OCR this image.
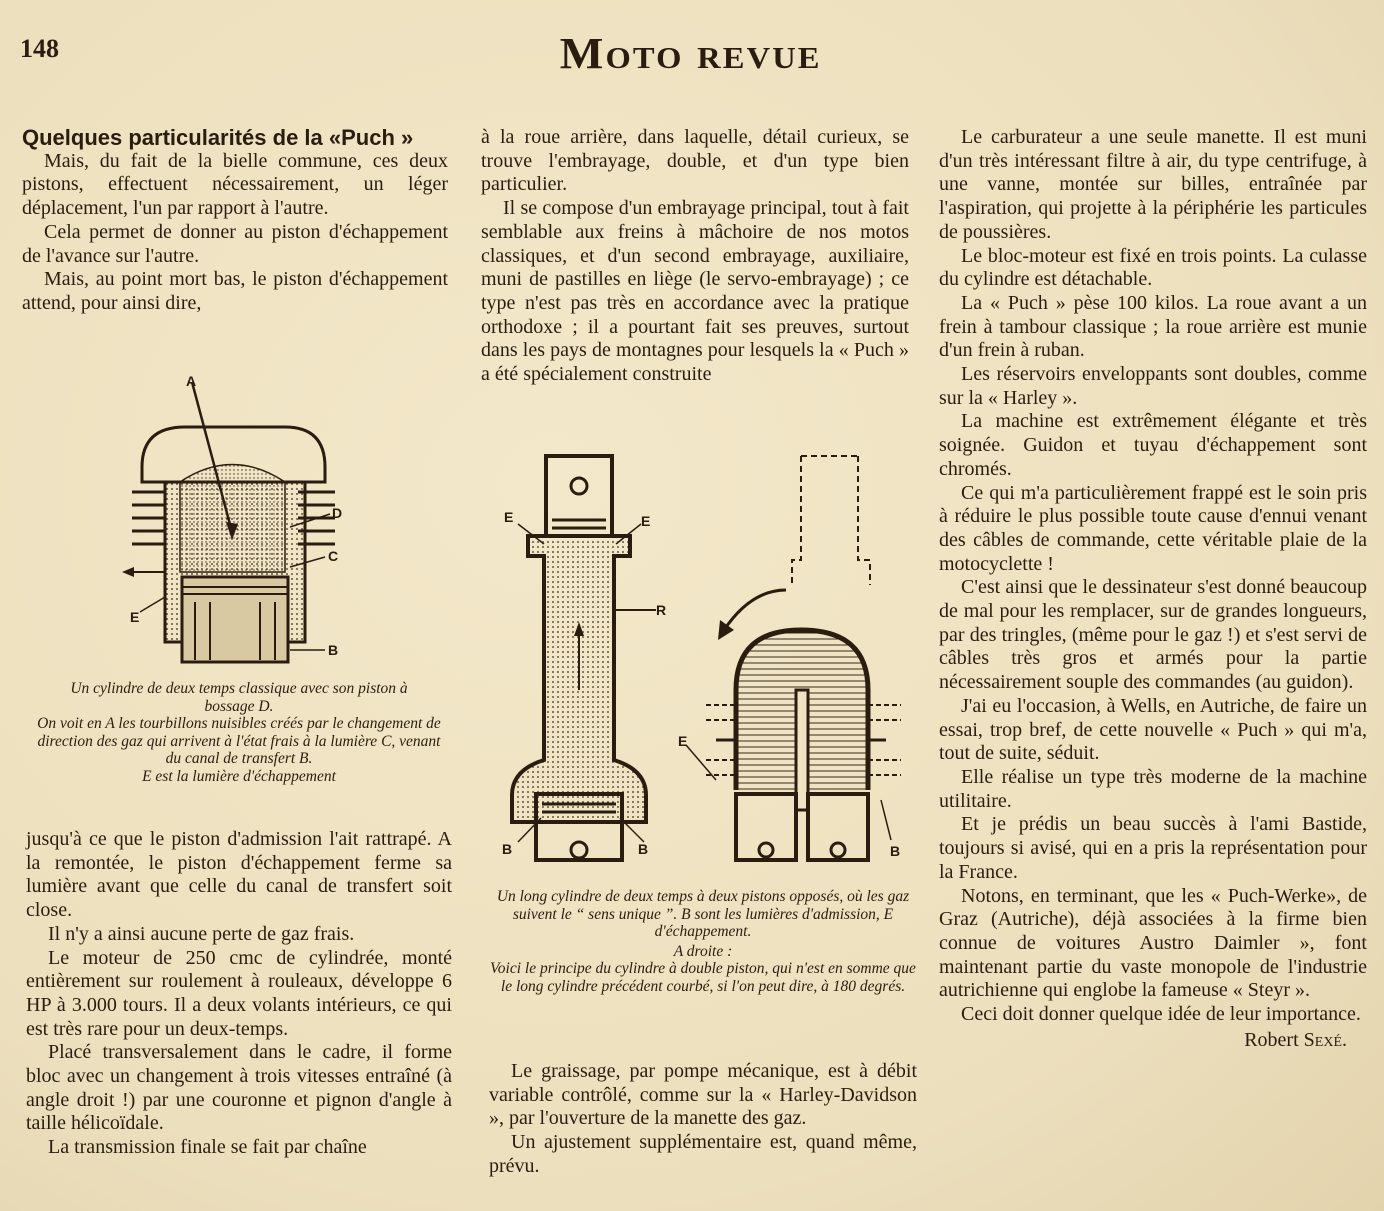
148	Moto revue

Quelques particularités de la «Puch »

Mais, du fait de la bielle commune, ces deux pistons, effectuent nécessairement, un léger déplacement, l'un par rapport à l'autre.

Cela permet de donner au piston d'échappement de l'avance sur l'autre.

Mais, au point mort bas, le piston d'échappement attend, pour ainsi dire,

A
D
C
E
B
Un cylindre de deux temps classique avec son piston à bossage D.
On voit en A les tourbillons nuisibles créés par le changement de direction des gaz qui arrivent à l'état frais à la lumière C, venant du canal de transfert B.
E est la lumière d'échappement

jusqu'à ce que le piston d'admission l'ait rattrapé. A la remontée, le piston d'échappement ferme sa lumière avant que celle du canal de transfert soit close.

Il n'y a ainsi aucune perte de gaz frais.

Le moteur de 250 cmc de cylindrée, monté entièrement sur roulement à rouleaux, développe 6 HP à 3.000 tours. Il a deux volants intérieurs, ce qui est très rare pour un deux-temps.

Placé transversalement dans le cadre, il forme bloc avec un changement à trois vitesses entraîné (à angle droit !) par une couronne et pignon d'angle à taille hélicoïdale.

La transmission finale se fait par chaîne

à la roue arrière, dans laquelle, détail curieux, se trouve l'embrayage, double, et d'un type bien particulier.

Il se compose d'un embrayage principal, tout à fait semblable aux freins à mâchoire de nos motos classiques, et d'un second embrayage, auxiliaire, muni de pastilles en liège (le servo-embrayage) ; ce type n'est pas très en accordance avec la pratique orthodoxe ; il a pourtant fait ses preuves, surtout dans les pays de montagnes pour lesquels la « Puch » a été spécialement construite

E	E
R
E
B	B	B
Un long cylindre de deux temps à deux pistons opposés, où les gaz suivent le “ sens unique ”. B sont les lumières d'admission, E d'échappement.
A droite :
Voici le principe du cylindre à double piston, qui n'est en somme que le long cylindre précédent courbé, si l'on peut dire, à 180 degrés.

Le graissage, par pompe mécanique, est à débit variable contrôlé, comme sur la « Harley-Davidson », par l'ouverture de la manette des gaz.

Un ajustement supplémentaire est, quand même, prévu.

Le carburateur a une seule manette. Il est muni d'un très intéressant filtre à air, du type centrifuge, à une vanne, montée sur billes, entraînée par l'aspiration, qui projette à la périphérie les particules de poussières.

Le bloc-moteur est fixé en trois points. La culasse du cylindre est détachable.

La « Puch » pèse 100 kilos. La roue avant a un frein à tambour classique ; la roue arrière est munie d'un frein à ruban.

Les réservoirs enveloppants sont doubles, comme sur la « Harley ».

La machine est extrêmement élégante et très soignée. Guidon et tuyau d'échappement sont chromés.

Ce qui m'a particulièrement frappé est le soin pris à réduire le plus possible toute cause d'ennui venant des câbles de commande, cette véritable plaie de la motocyclette !

C'est ainsi que le dessinateur s'est donné beaucoup de mal pour les remplacer, sur de grandes longueurs, par des tringles, (même pour le gaz !) et s'est servi de câbles très gros et armés pour la partie nécessairement souple des commandes (au guidon).

J'ai eu l'occasion, à Wells, en Autriche, de faire un essai, trop bref, de cette nouvelle « Puch » qui m'a, tout de suite, séduit.

Elle réalise un type très moderne de la machine utilitaire.

Et je prédis un beau succès à l'ami Bastide, toujours si avisé, qui en a pris la représentation pour la France.

Notons, en terminant, que les « Puch-Werke», de Graz (Autriche), déjà associées à la firme bien connue de voitures Austro Daimler », font maintenant partie du vaste monopole de l'industrie autrichienne qui englobe la fameuse « Steyr ».

Ceci doit donner quelque idée de leur importance.

Robert Sexé.
